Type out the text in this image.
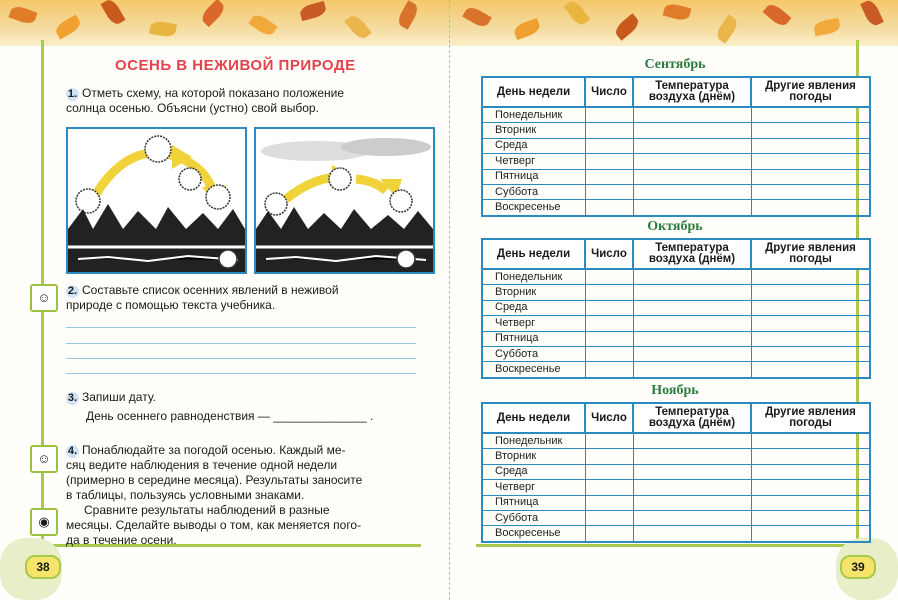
38	39
ОСЕНЬ В НЕЖИВОЙ ПРИРОДЕ
1. Отметь схему, на которой показано положение
солнца осенью. Объясни (устно) свой выбор.
☺	2. Составьте список осенних явлений в неживой
природе с помощью текста учебника.
3. Запиши дату.
День осеннего равноденствия — ______________ .
☺
◉
4. Понаблюдайте за погодой осенью. Каждый ме-
сяц ведите наблюдения в течение одной недели
(примерно в середине месяца). Результаты заносите
в таблицы, пользуясь условными знаками.
Сравните результаты наблюдений в разные
месяцы. Сделайте выводы о том, как меняется пого-
да в течение осени.
Сентябрь
День недели	Число	Температура воздуха (днём)	Другие явления погоды
Понедельник			
Вторник			
Среда			
Четверг			
Пятница			
Суббота			
Воскресенье			
Октябрь
День недели	Число	Температура воздуха (днём)	Другие явления погоды
Понедельник			
Вторник			
Среда			
Четверг			
Пятница			
Суббота			
Воскресенье			
Ноябрь
День недели	Число	Температура воздуха (днём)	Другие явления погоды
Понедельник			
Вторник			
Среда			
Четверг			
Пятница			
Суббота			
Воскресенье			
